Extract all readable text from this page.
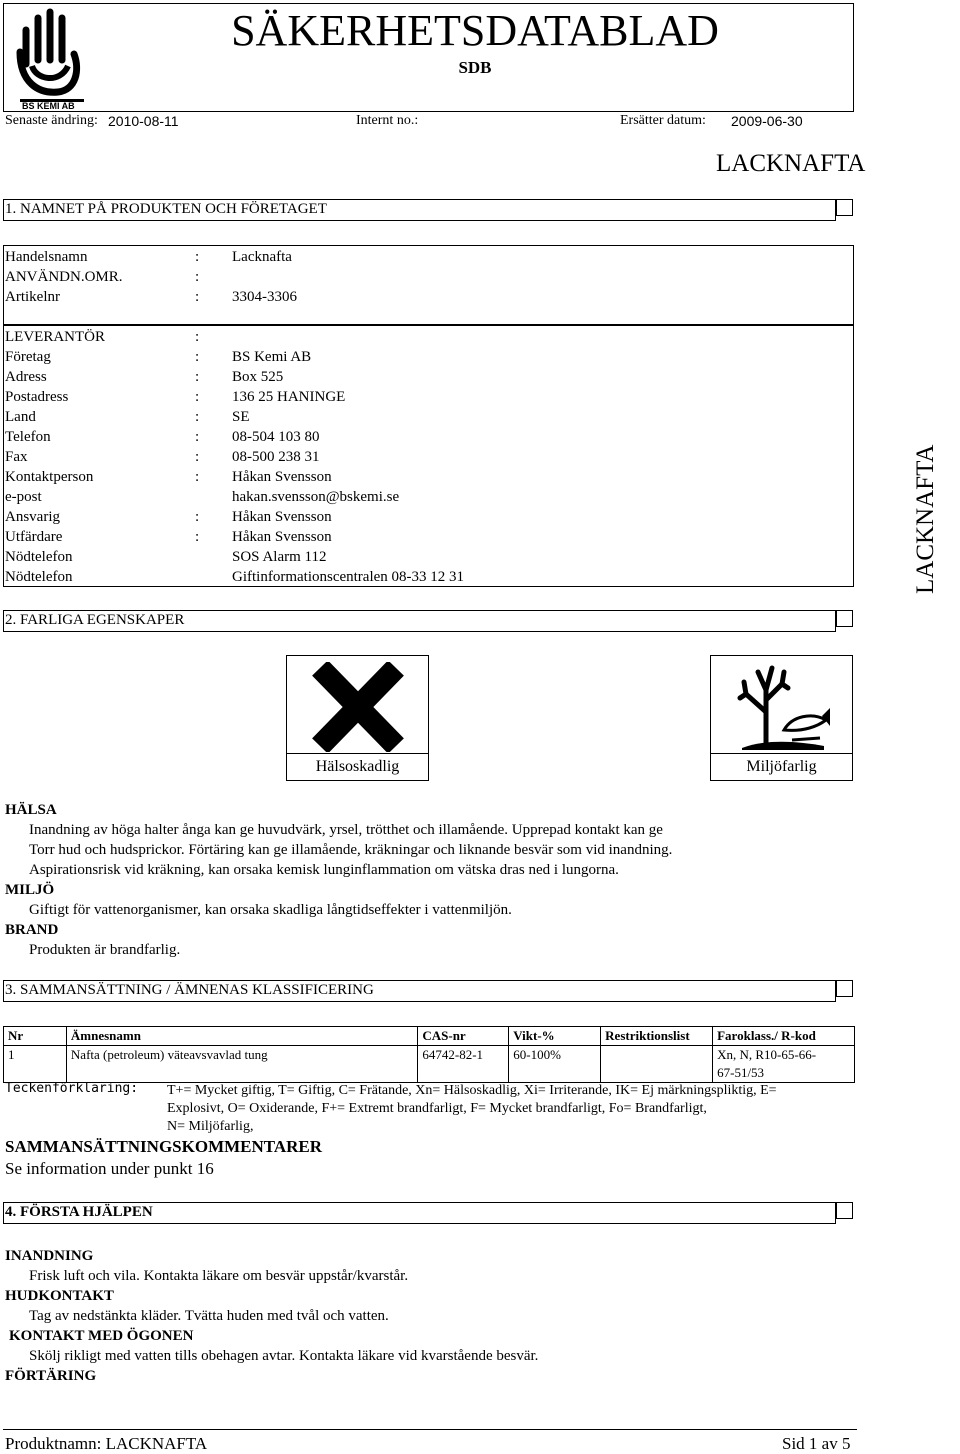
BS KEMI AB
SÄKERHETSDATABLAD
SDB
Senaste ändring: 2010-08-11	Internt no.:	Ersätter datum: 2009-06-30
LACKNAFTA
LACKNAFTA
1. NAMNET PÅ PRODUKTEN OCH FÖRETAGET
Handelsnamn	: Lacknafta
ANVÄNDN.OMR.	:
Artikelnr	: 3304-3306
LEVERANTÖR	:
Företag	: BS Kemi AB
Adress	: Box 525
Postadress	: 136 25 HANINGE
Land	: SE
Telefon	: 08-504 103 80
Fax	: 08-500 238 31
Kontaktperson	: Håkan Svensson
e-post	hakan.svensson@bskemi.se
Ansvarig	: Håkan Svensson
Utfärdare	: Håkan Svensson
Nödtelefon	SOS Alarm 112
Nödtelefon	Giftinformationscentralen 08-33 12 31
2. FARLIGA EGENSKAPER
Hälsoskadlig	Miljöfarlig
HÄLSA
Inandning av höga halter ånga kan ge huvudvärk, yrsel, trötthet och illamående. Upprepad kontakt kan ge
Torr hud och hudsprickor. Förtäring kan ge illamående, kräkningar och liknande besvär som vid inandning.
Aspirationsrisk vid kräkning, kan orsaka kemisk lunginflammation om vätska dras ned i lungorna.
MILJÖ
Giftigt för vattenorganismer, kan orsaka skadliga långtidseffekter i vattenmiljön.
BRAND
Produkten är brandfarlig.
3. SAMMANSÄTTNING / ÄMNENAS KLASSIFICERING
Nr	Ämnesnamn	CAS-nr	Vikt-%	Restriktionslist	Faroklass./ R-kod
1	Nafta (petroleum) väteavsvavlad tung	64742-82-1	60-100%		Xn, N, R10-65-66-
67-51/53
Teckenförklaring: T+= Mycket giftig, T= Giftig, C= Frätande, Xn= Hälsoskadlig, Xi= Irriterande, IK= Ej märkningspliktig, E=
Explosivt, O= Oxiderande, F+= Extremt brandfarligt, F= Mycket brandfarligt, Fo= Brandfarligt,
N= Miljöfarlig,
SAMMANSÄTTNINGSKOMMENTARER
Se information under punkt 16
4. FÖRSTA HJÄLPEN
INANDNING
Frisk luft och vila. Kontakta läkare om besvär uppstår/kvarstår.
HUDKONTAKT
Tag av nedstänkta kläder. Tvätta huden med tvål och vatten.
KONTAKT MED ÖGONEN
Skölj rikligt med vatten tills obehagen avtar. Kontakta läkare vid kvarstående besvär.
FÖRTÄRING
Produktnamn: LACKNAFTA	Sid 1 av 5
